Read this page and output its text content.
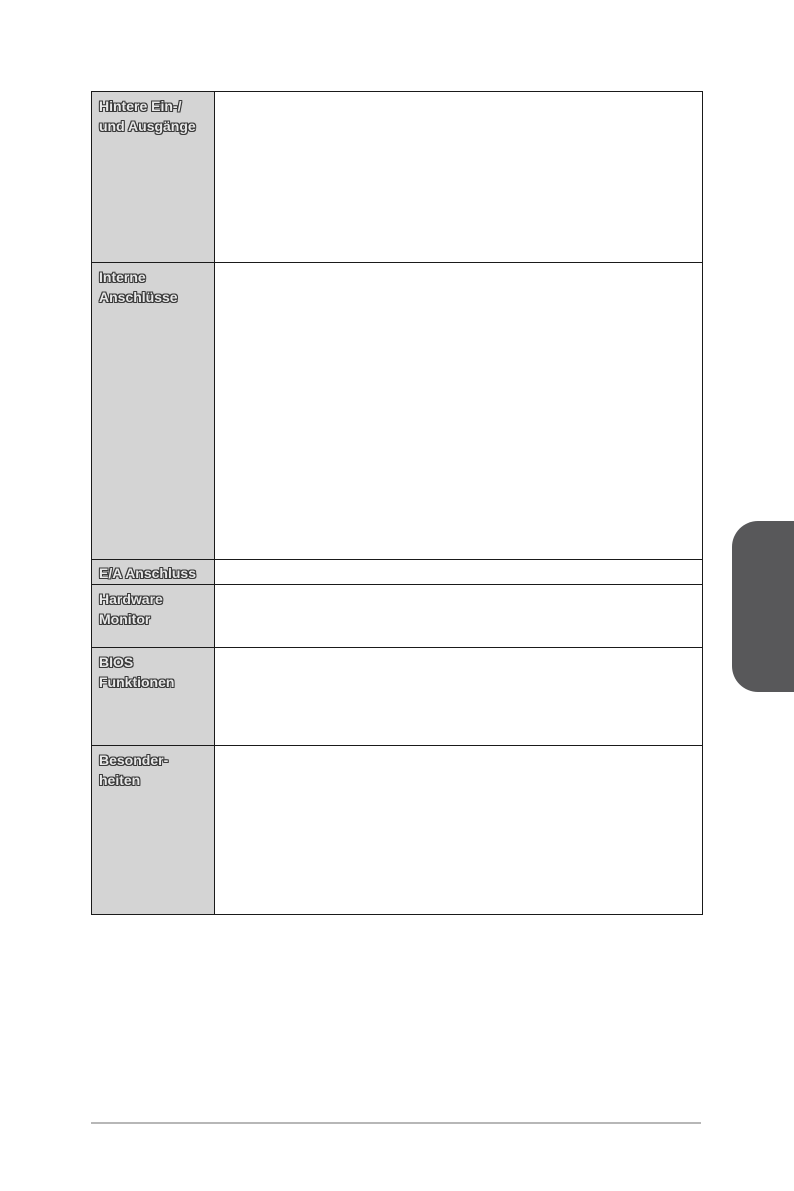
Hintere Ein-/
und Ausgänge	

Interne
Anschlüsse	

E/A Anschluss	

Hardware
Monitor	

BIOS
Funktionen	

Besonder-
heiten	
